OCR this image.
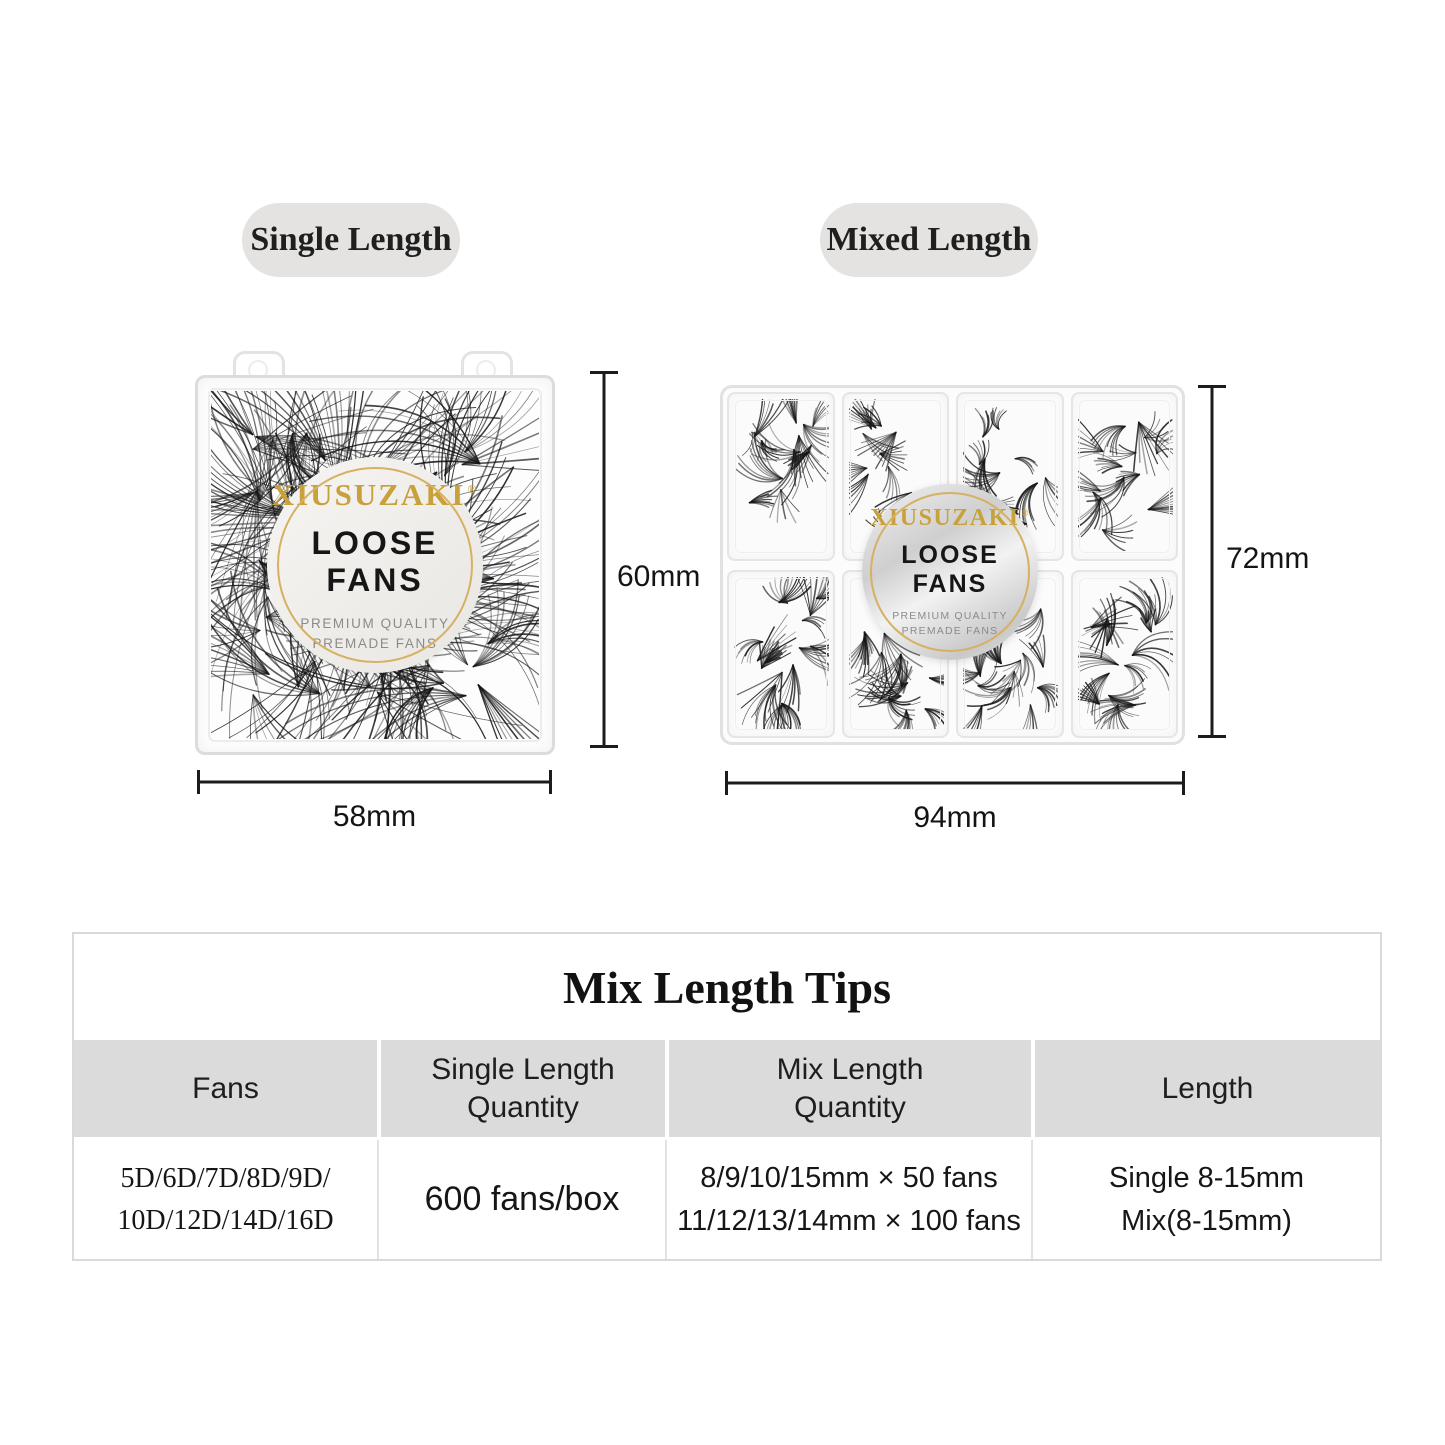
Single Length	Mixed Length
XIUSUZAKI ®
LOOSE FANS
PREMIUM QUALITY
PREMADE FANS
XIUSUZAKI ®
LOOSE FANS
PREMIUM QUALITY
PREMADE FANS
60mm
58mm
72mm
94mm
Mix Length Tips
Fans
Single Length Quantity
Mix Length Quantity
Length
5D/6D/7D/8D/9D/
10D/12D/14D/16D
600 fans/box
8/9/10/15mm × 50 fans
11/12/13/14mm × 100 fans
Single 8-15mm
Mix(8-15mm)
